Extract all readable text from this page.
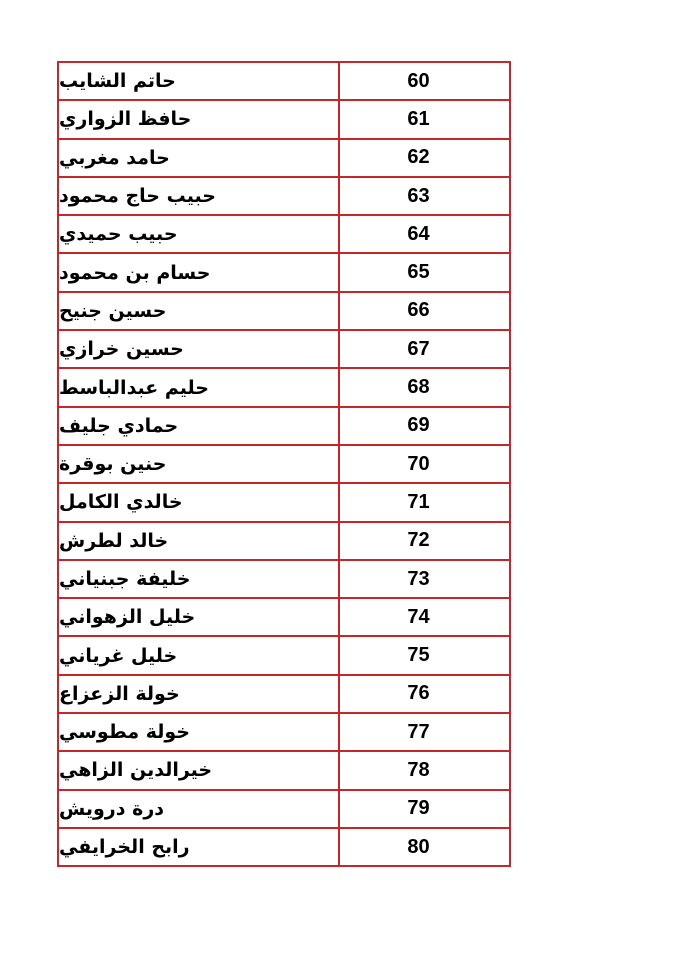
حاتم الشايب	60
حافظ الزواري	61
حامد مغربي	62
حبيب حاج محمود	63
حبيب حميدي	64
حسام بن محمود	65
حسين جنيح	66
حسين خرازي	67
حليم عبدالباسط	68
حمادي جليف	69
حنين بوقرة	70
خالدي الكامل	71
خالد لطرش	72
خليفة جبنياني	73
خليل الزهواني	74
خليل غرياني	75
خولة الزعزاع	76
خولة مطوسي	77
خيرالدين الزاهي	78
درة درويش	79
رابح الخرايفي	80
